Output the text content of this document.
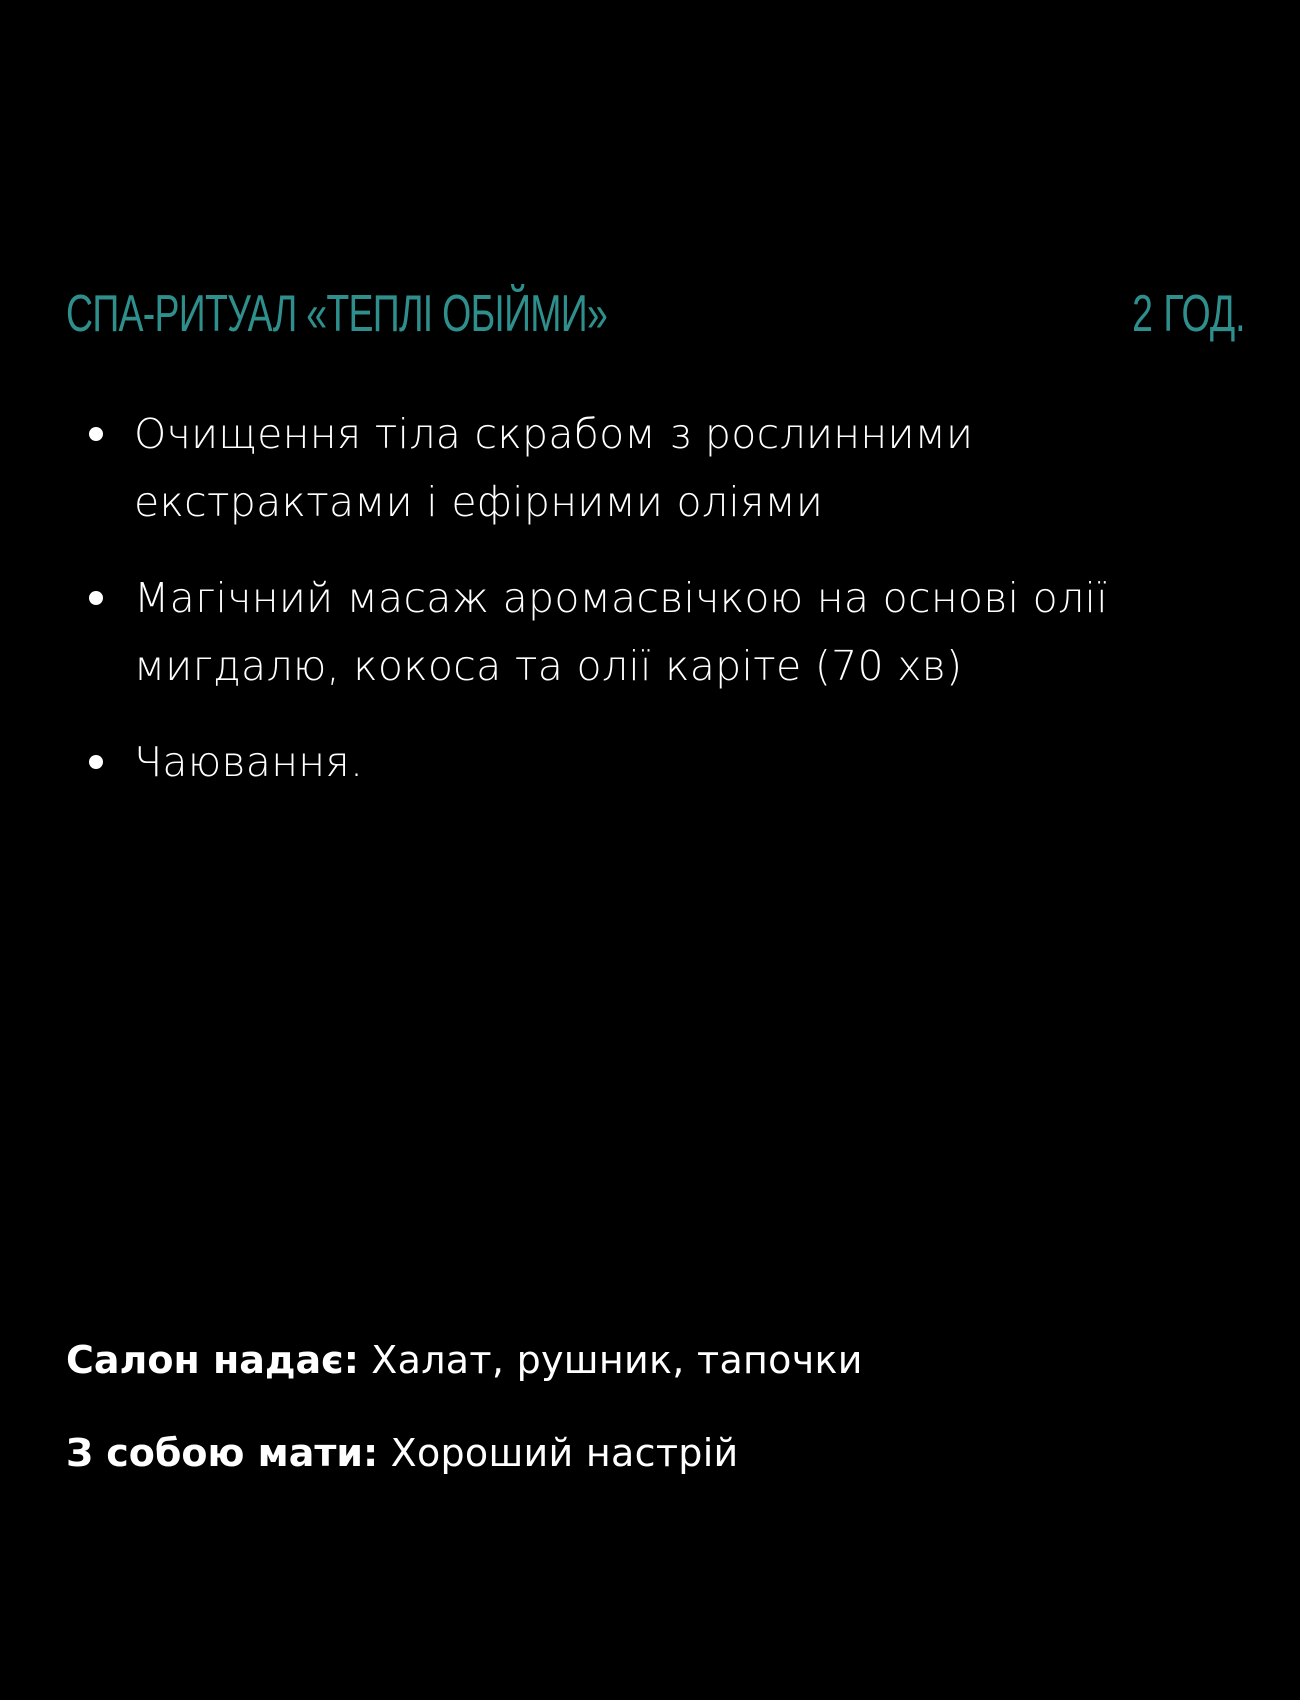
СПА-РИТУАЛ «ТЕПЛІ ОБІЙМИ»	2 ГОД.
Очищення тіла скрабом з рослинними екстрактами і ефірними оліями
Магічний масаж аромасвічкою на основі олії мигдалю, кокоса та олії каріте (70 хв)
Чаювання.
Салон надає: Халат, рушник, тапочки
З собою мати: Хороший настрій
